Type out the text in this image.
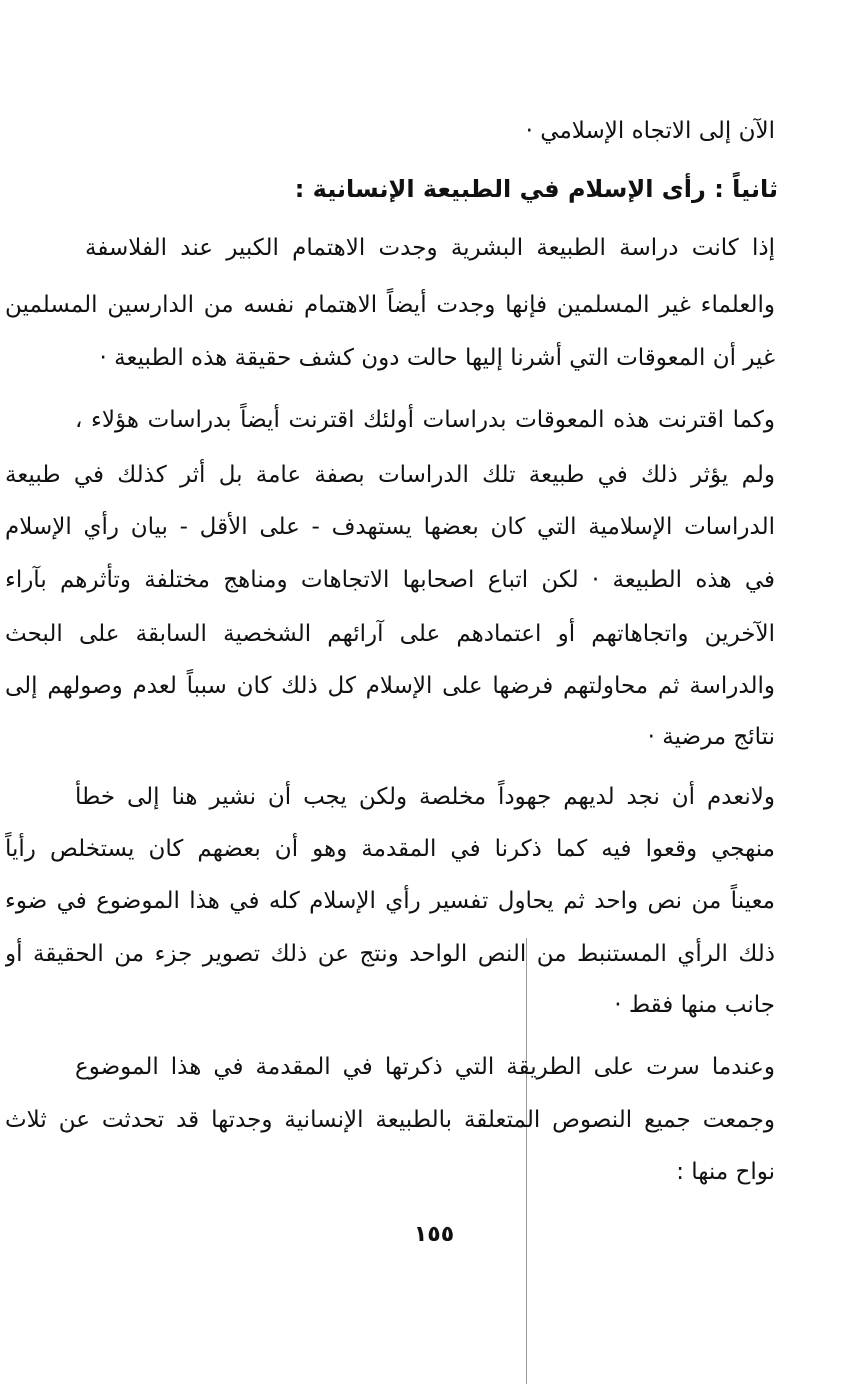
الآن إلى الاتجاه الإسلامي ·
ثانياً : رأى الإسلام في الطبيعة الإنسانية :
إذا كانت دراسة الطبيعة البشرية وجدت الاهتمام الكبير عند الفلاسفة
والعلماء غير المسلمين فإنها وجدت أيضاً الاهتمام نفسه من الدارسين المسلمين
غير أن المعوقات التي أشرنا إليها حالت دون كشف حقيقة هذه الطبيعة ·
وكما اقترنت هذه المعوقات بدراسات أولئك اقترنت أيضاً بدراسات هؤلاء ،
ولم يؤثر ذلك في طبيعة تلك الدراسات بصفة عامة بل أثر كذلك في طبيعة
الدراسات الإسلامية التي كان بعضها يستهدف - على الأقل - بيان رأي الإسلام
في هذه الطبيعة · لكن اتباع اصحابها الاتجاهات ومناهج مختلفة وتأثرهم بآراء
الآخرين واتجاهاتهم أو اعتمادهم على آرائهم الشخصية السابقة على البحث
والدراسة ثم محاولتهم فرضها على الإسلام كل ذلك كان سبباً لعدم وصولهم إلى
نتائج مرضية ·
ولانعدم أن نجد لديهم جهوداً مخلصة ولكن يجب أن نشير هنا إلى خطأ
منهجي وقعوا فيه كما ذكرنا في المقدمة وهو أن بعضهم كان يستخلص رأياً
معيناً من نص واحد ثم يحاول تفسير رأي الإسلام كله في هذا الموضوع في ضوء
ذلك الرأي المستنبط من النص الواحد ونتج عن ذلك تصوير جزء من الحقيقة أو
جانب منها فقط ·
وعندما سرت على الطريقة التي ذكرتها في المقدمة في هذا الموضوع
وجمعت جميع النصوص المتعلقة بالطبيعة الإنسانية وجدتها قد تحدثت عن ثلاث
نواح منها :
١٥٥
